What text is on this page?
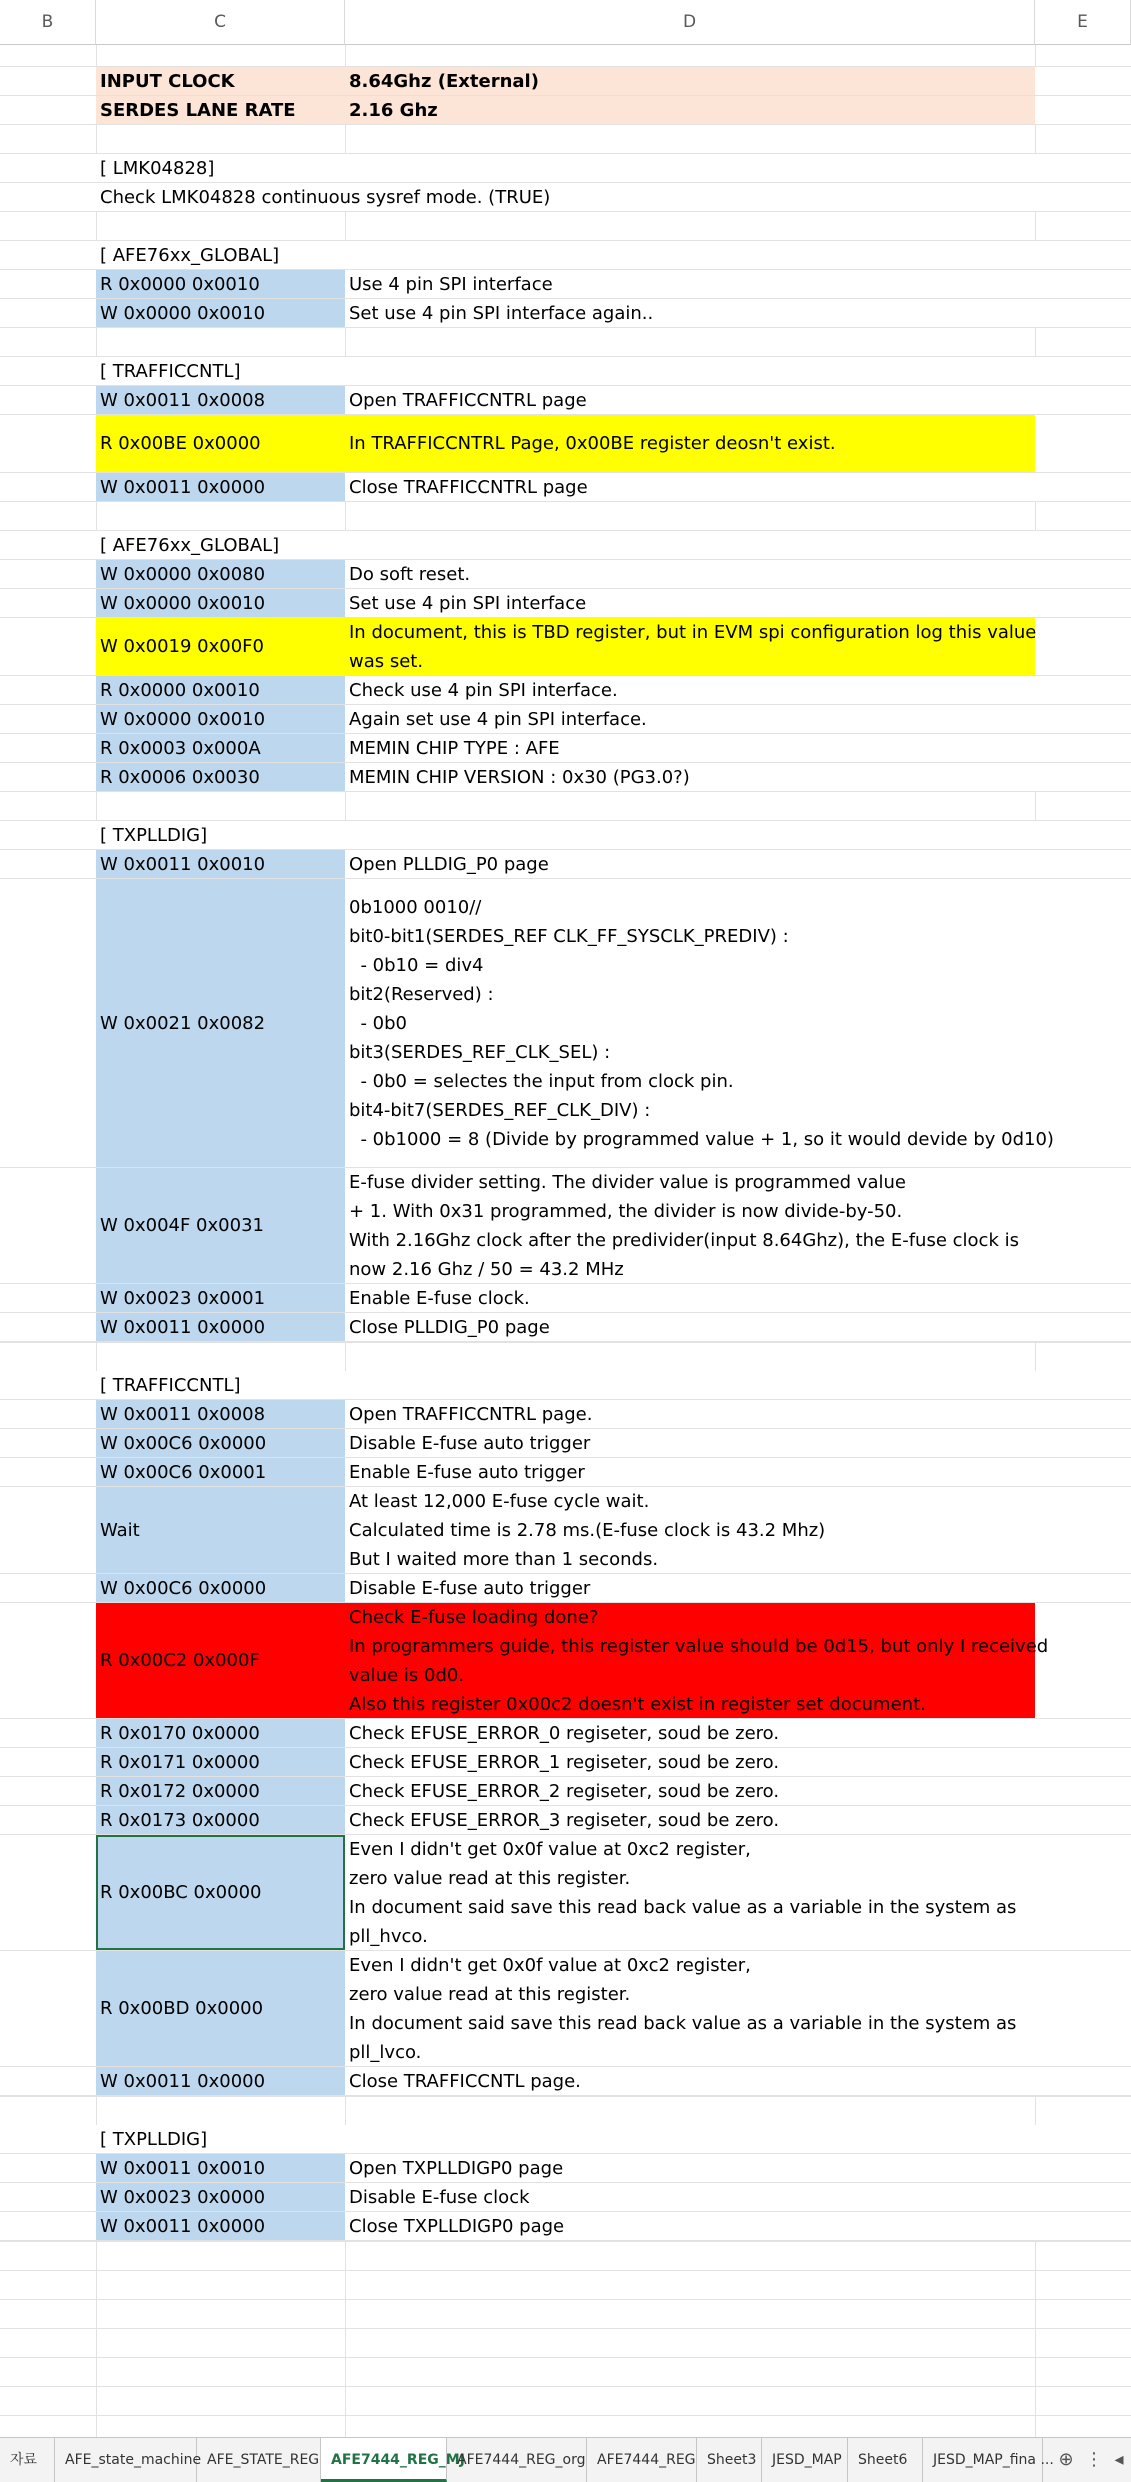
B	C	D	E
INPUT CLOCK	8.64Ghz (External)
SERDES LANE RATE	2.16 Ghz
[ LMK04828]
Check LMK04828 continuous sysref mode. (TRUE)
[ AFE76xx_GLOBAL]
R 0x0000 0x0010	Use 4 pin SPI interface
W 0x0000 0x0010	Set use 4 pin SPI interface again..
[ TRAFFICCNTL]
W 0x0011 0x0008	Open TRAFFICCNTRL page
R 0x00BE 0x0000	In TRAFFICCNTRL Page, 0x00BE register deosn't exist.
W 0x0011 0x0000	Close TRAFFICCNTRL page
[ AFE76xx_GLOBAL]
W 0x0000 0x0080	Do soft reset.
W 0x0000 0x0010	Set use 4 pin SPI interface
W 0x0019 0x00F0
In document, this is TBD register, but in EVM spi configuration log this value
was set.
R 0x0000 0x0010	Check use 4 pin SPI interface.
W 0x0000 0x0010	Again set use 4 pin SPI interface.
R 0x0003 0x000A	MEMIN CHIP TYPE : AFE
R 0x0006 0x0030	MEMIN CHIP VERSION : 0x30 (PG3.0?)
[ TXPLLDIG]
W 0x0011 0x0010	Open PLLDIG_P0 page
W 0x0021 0x0082
0b1000 0010//
bit0-bit1(SERDES_REF CLK_FF_SYSCLK_PREDIV) :
- 0b10 = div4
bit2(Reserved) :
- 0b0
bit3(SERDES_REF_CLK_SEL) :
- 0b0 = selectes the input from clock pin.
bit4-bit7(SERDES_REF_CLK_DIV) :
- 0b1000 = 8 (Divide by programmed value + 1, so it would devide by 0d10)
W 0x004F 0x0031
E-fuse divider setting. The divider value is programmed value
+ 1. With 0x31 programmed, the divider is now divide-by-50.
With 2.16Ghz clock after the predivider(input 8.64Ghz), the E-fuse clock is
now 2.16 Ghz / 50 = 43.2 MHz
W 0x0023 0x0001	Enable E-fuse clock.
W 0x0011 0x0000	Close PLLDIG_P0 page
[ TRAFFICCNTL]
W 0x0011 0x0008	Open TRAFFICCNTRL page.
W 0x00C6 0x0000	Disable E-fuse auto trigger
W 0x00C6 0x0001	Enable E-fuse auto trigger
Wait
At least 12,000 E-fuse cycle wait.
Calculated time is 2.78 ms.(E-fuse clock is 43.2 Mhz)
But I waited more than 1 seconds.
W 0x00C6 0x0000	Disable E-fuse auto trigger
R 0x00C2 0x000F
Check E-fuse loading done?
In programmers guide, this register value should be 0d15, but only I received
value is 0d0.
Also this register 0x00c2 doesn't exist in register set document.
R 0x0170 0x0000	Check EFUSE_ERROR_0 regiseter, soud be zero.
R 0x0171 0x0000	Check EFUSE_ERROR_1 regiseter, soud be zero.
R 0x0172 0x0000	Check EFUSE_ERROR_2 regiseter, soud be zero.
R 0x0173 0x0000	Check EFUSE_ERROR_3 regiseter, soud be zero.
R 0x00BC 0x0000
Even I didn't get 0x0f value at 0xc2 register,
zero value read at this register.
In document said save this read back value as a variable in the system as
pll_hvco.
R 0x00BD 0x0000
Even I didn't get 0x0f value at 0xc2 register,
zero value read at this register.
In document said save this read back value as a variable in the system as
pll_lvco.
W 0x0011 0x0000	Close TRAFFICCNTL page.
[ TXPLLDIG]
W 0x0011 0x0010	Open TXPLLDIGP0 page
W 0x0023 0x0000	Disable E-fuse clock
W 0x0011 0x0000	Close TXPLLDIGP0 page
자료	AFE_state_machine AFE_STATE_REG AFE7444_REG_MJ
AFE7444_REG_org AFE7444_REG Sheet3	JESD_MAP	Sheet6	JESD_MAP_fina ... ⊕ ⋮ ◂
